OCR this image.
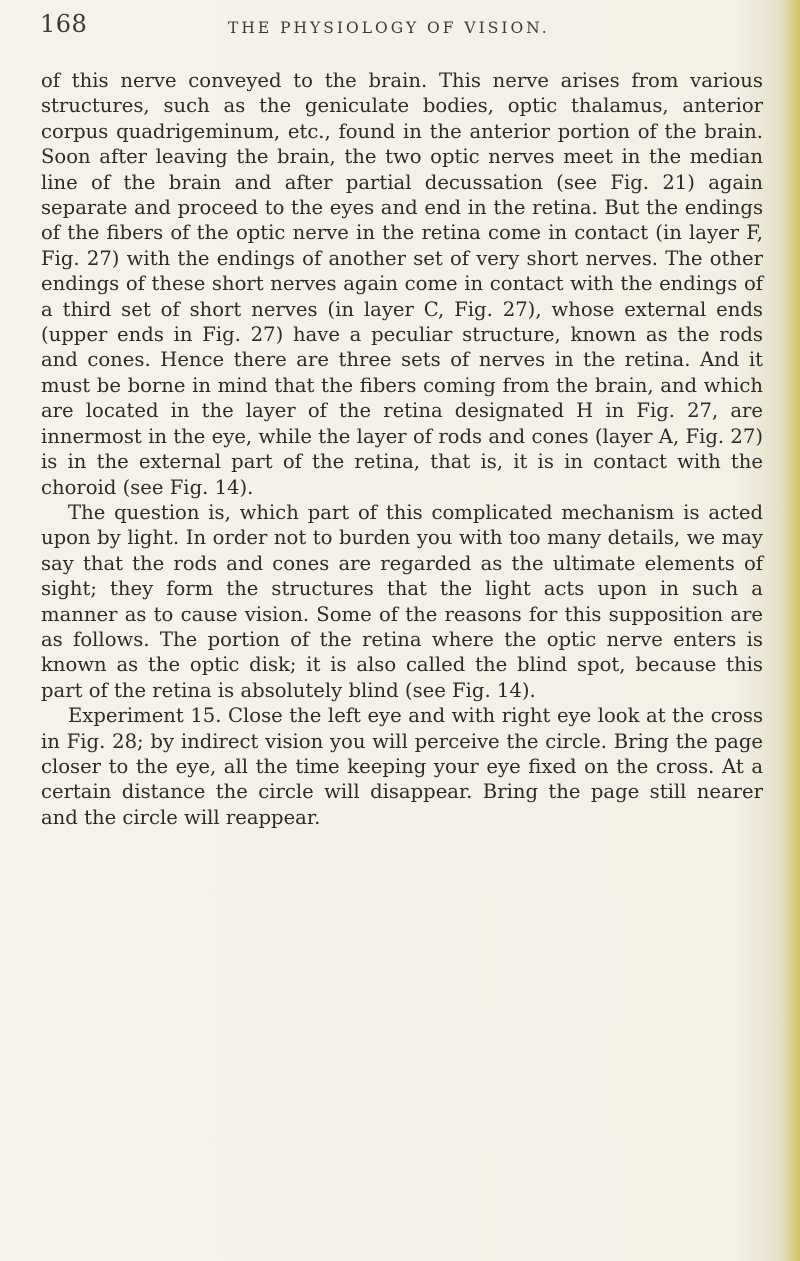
168	THE PHYSIOLOGY OF VISION.

of this nerve conveyed to the brain. This nerve arises from various structures, such as the geniculate bodies, optic thalamus, anterior corpus quadrigeminum, etc., found in the anterior portion of the brain. Soon after leaving the brain, the two optic nerves meet in the median line of the brain and after partial decussation (see Fig. 21) again separate and proceed to the eyes and end in the retina. But the endings of the fibers of the optic nerve in the retina come in contact (in layer F, Fig. 27) with the endings of another set of very short nerves. The other endings of these short nerves again come in contact with the endings of a third set of short nerves (in layer C, Fig. 27), whose external ends (upper ends in Fig. 27) have a peculiar structure, known as the rods and cones. Hence there are three sets of nerves in the retina. And it must be borne in mind that the fibers coming from the brain, and which are located in the layer of the retina designated H in Fig. 27, are innermost in the eye, while the layer of rods and cones (layer A, Fig. 27) is in the external part of the retina, that is, it is in contact with the choroid (see Fig. 14).

The question is, which part of this complicated mechanism is acted upon by light. In order not to burden you with too many details, we may say that the rods and cones are regarded as the ultimate elements of sight; they form the structures that the light acts upon in such a manner as to cause vision. Some of the reasons for this supposition are as follows. The portion of the retina where the optic nerve enters is known as the optic disk; it is also called the blind spot, because this part of the retina is absolutely blind (see Fig. 14).

Experiment 15. Close the left eye and with right eye look at the cross in Fig. 28; by indirect vision you will perceive the circle. Bring the page closer to the eye, all the time keeping your eye fixed on the cross. At a certain distance the circle will disappear. Bring the page still nearer and the circle will reappear.
